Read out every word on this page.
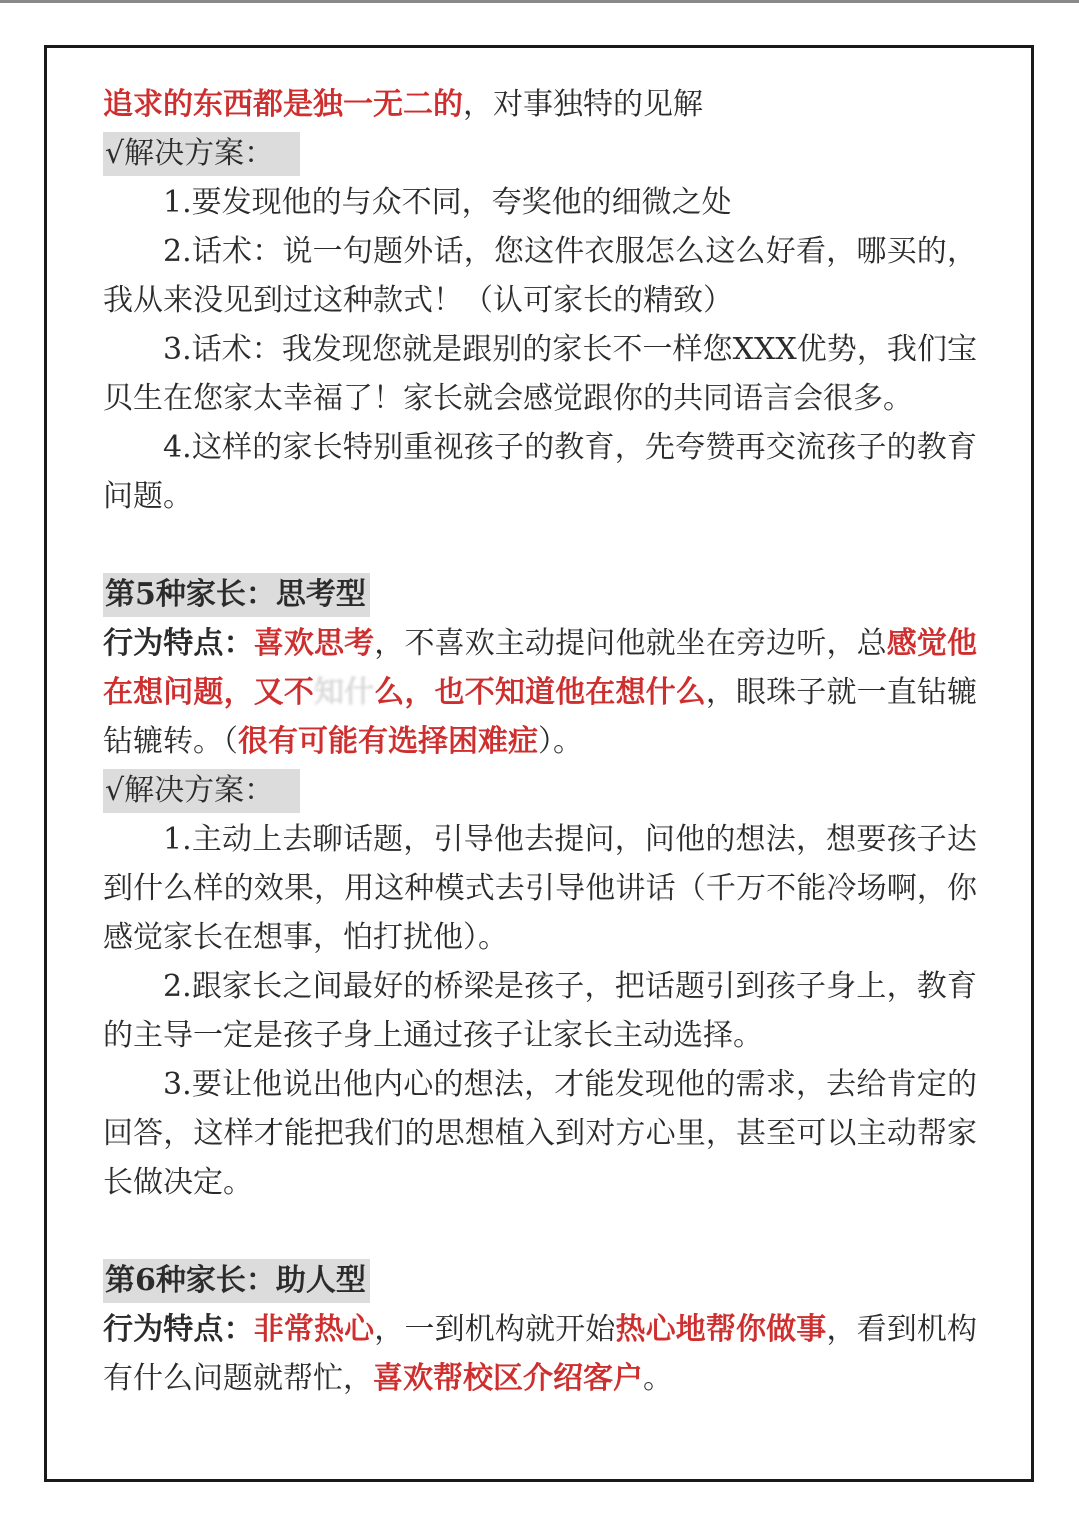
追求的东西都是独一无二的，对事独特的见解

√解决方案：

1.要发现他的与众不同，夸奖他的细微之处

2.话术：说一句题外话，您这件衣服怎么这么好看，哪买的，我从来没见到过这种款式！（认可家长的精致）

3.话术：我发现您就是跟别的家长不一样您XXX优势，我们宝贝生在您家太幸福了！家长就会感觉跟你的共同语言会很多。

4.这样的家长特别重视孩子的教育，先夸赞再交流孩子的教育问题。

第5种家长：思考型

行为特点：喜欢思考，不喜欢主动提问他就坐在旁边听，总感觉他在想问题，又不知什么，也不知道他在想什么，眼珠子就一直钻辘钻辘转。（很有可能有选择困难症）。

√解决方案：

1.主动上去聊话题，引导他去提问，问他的想法，想要孩子达到什么样的效果，用这种模式去引导他讲话（千万不能冷场啊，你感觉家长在想事，怕打扰他）。

2.跟家长之间最好的桥梁是孩子，把话题引到孩子身上，教育的主导一定是孩子身上通过孩子让家长主动选择。

3.要让他说出他内心的想法，才能发现他的需求，去给肯定的回答，这样才能把我们的思想植入到对方心里，甚至可以主动帮家长做决定。

第6种家长：助人型

行为特点：非常热心，一到机构就开始热心地帮你做事，看到机构有什么问题就帮忙，喜欢帮校区介绍客户。
